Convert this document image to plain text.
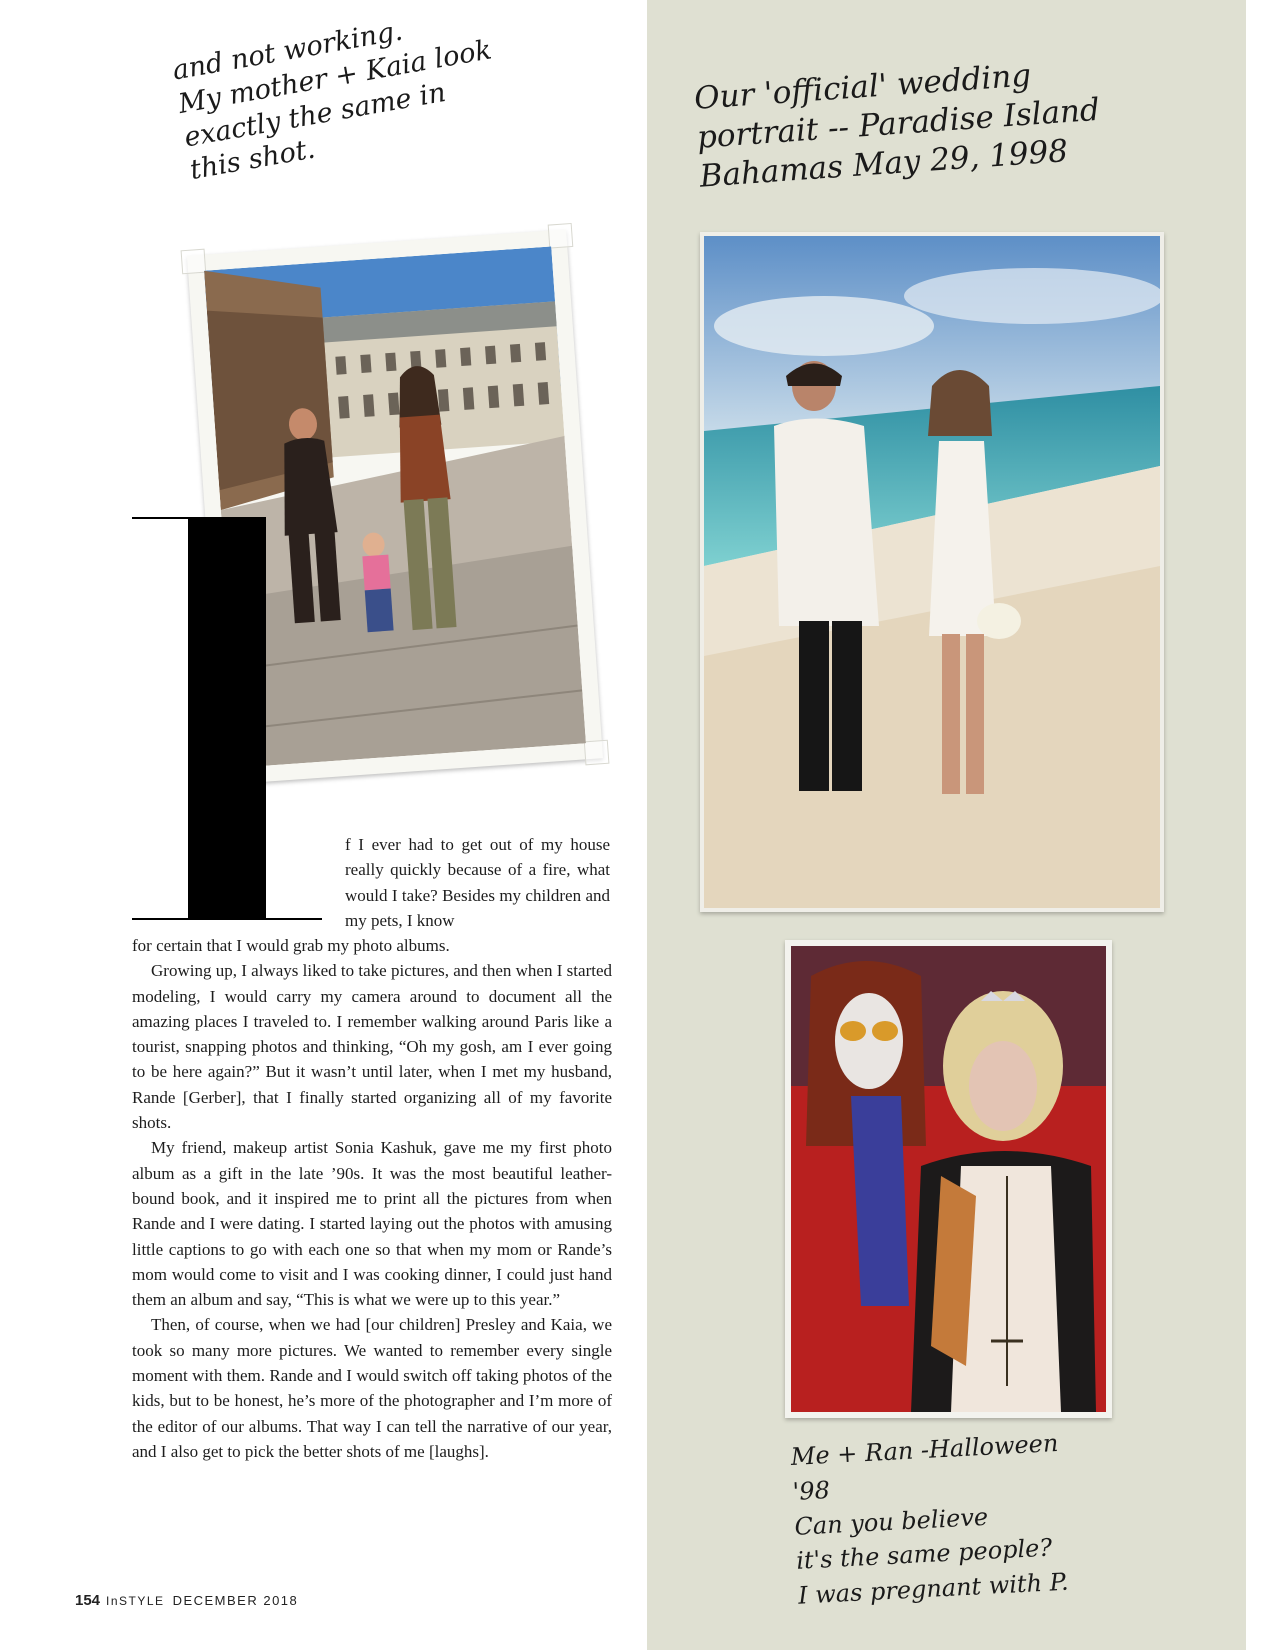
and not working.
My mother + Kaia look
exactly the same in
this shot.
Our 'official' wedding
portrait -- Paradise Island
Bahamas May 29, 1998
Me + Ran -Halloween
'98
Can you believe
it's the same people?
I was pregnant with P.
f I ever had to get out of my house really quickly because of a fire, what would I take? Besides my children and my pets, I know

for certain that I would grab my photo albums.

Growing up, I always liked to take pictures, and then when I started modeling, I would carry my camera around to document all the amazing places I traveled to. I remember walking around Paris like a tourist, snapping photos and thinking, “Oh my gosh, am I ever going to be here again?” But it wasn’t until later, when I met my husband, Rande [Gerber], that I finally started organizing all of my favorite shots.

My friend, makeup artist Sonia Kashuk, gave me my first photo album as a gift in the late ’90s. It was the most beautiful leather-bound book, and it inspired me to print all the pictures from when Rande and I were dating. I started laying out the photos with amusing little captions to go with each one so that when my mom or Rande’s mom would come to visit and I was cooking dinner, I could just hand them an album and say, “This is what we were up to this year.”

Then, of course, when we had [our children] Presley and Kaia, we took so many more pictures. We wanted to remember every single moment with them. Rande and I would switch off taking photos of the kids, but to be honest, he’s more of the photographer and I’m more of the editor of our albums. That way I can tell the narrative of our year, and I also get to pick the better shots of me [laughs].

154 InSTYLE DECEMBER 2018
